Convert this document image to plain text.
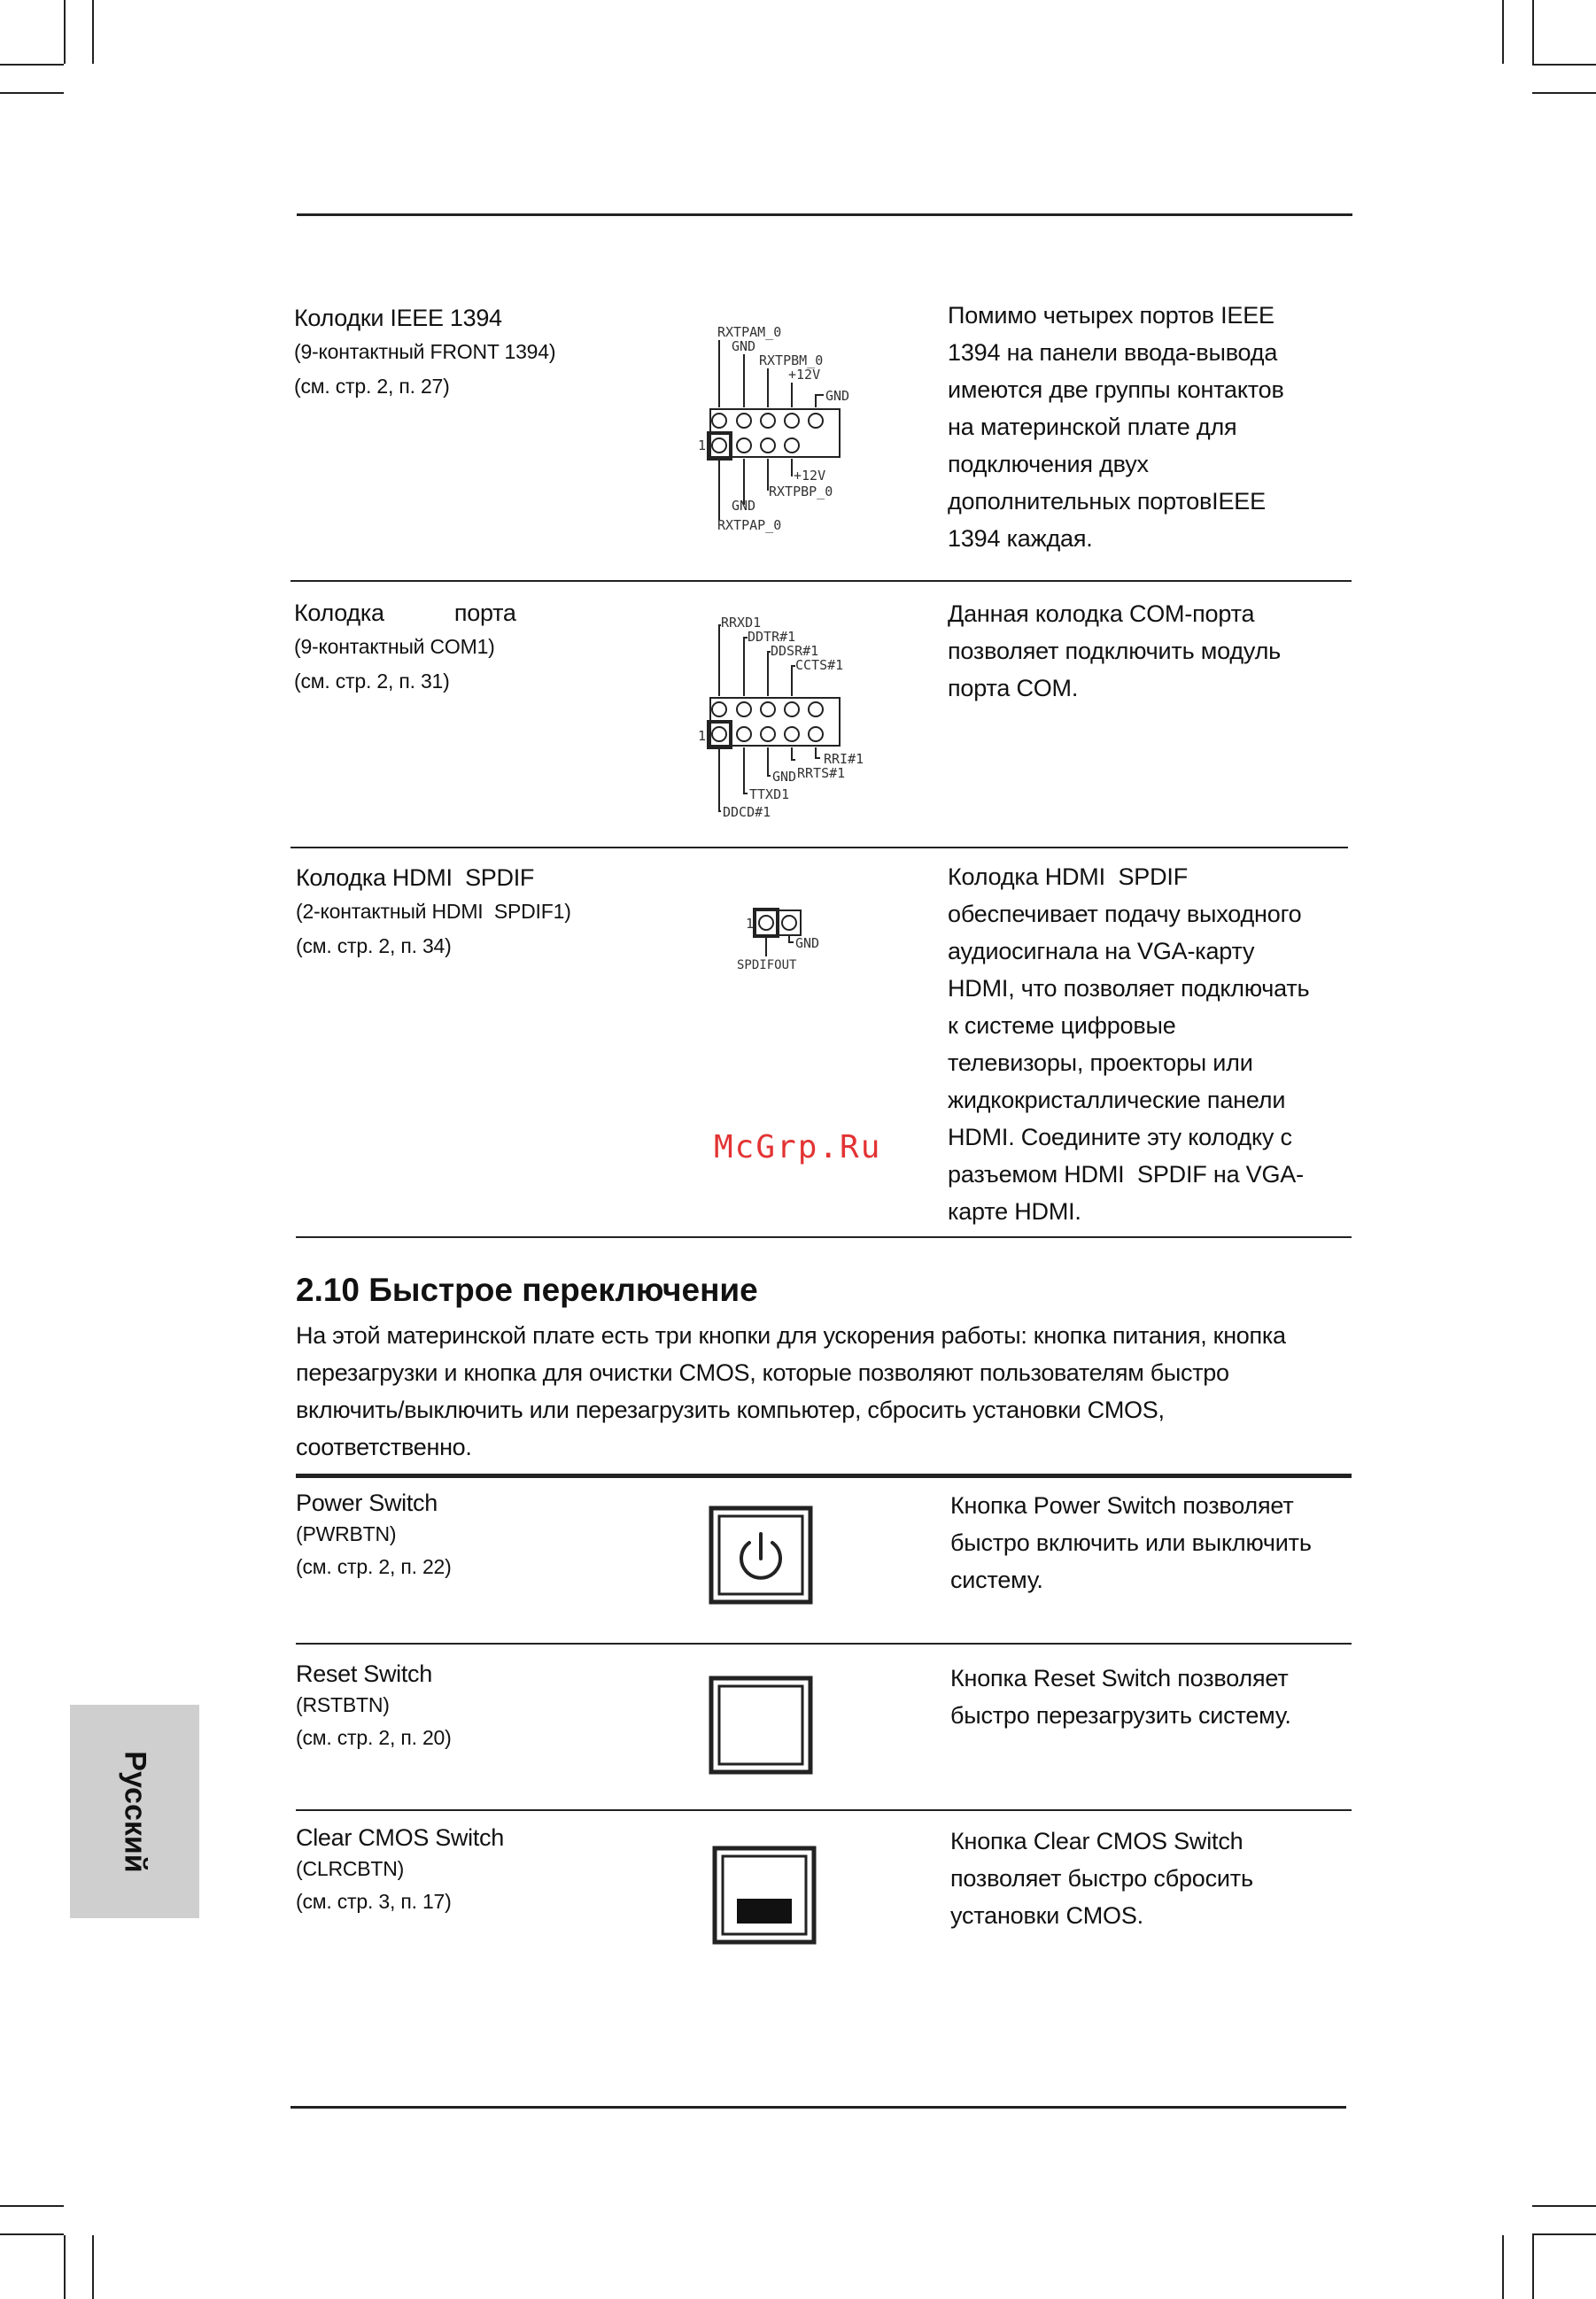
Колодки IEEE 1394
(9-контактный FRONT 1394)
(см. стр. 2, п. 27)
RXTPAM_0
GND
RXTPBM_0
+12V
GND
1
+12V
RXTPBP_0
GND
RXTPAP_0
Помимо четырех портов IEEE
1394 на панели ввода-вывода
имеются две группы контактов
на материнской плате для
подключения двух
дополнительных портовIEEE
1394 каждая.
Колодка           порта
(9-контактный COM1)
(см. стр. 2, п. 31)
RRXD1
DDTR#1
DDSR#1
CCTS#1
1
RRI#1
RRTS#1
GND
TTXD1
DDCD#1
Данная колодка COM-порта
позволяет подключить модуль
порта COM.
Колодка HDMI  SPDIF
(2-контактный HDMI  SPDIF1)
(см. стр. 2, п. 34)
1
GND
SPDIFOUT
Колодка HDMI  SPDIF
обеспечивает подачу выходного
аудиосигнала на VGA-карту
HDMI, что позволяет подключать
к системе цифровые
телевизоры, проекторы или
жидкокристаллические панели
HDMI. Соедините эту колодку с
разъемом HDMI  SPDIF на VGA-
карте HDMI.
McGrp.Ru
2.10 Быстрое переключение
На этой материнской плате есть три кнопки для ускорения работы: кнопка питания, кнопка
перезагрузки и кнопка для очистки CMOS, которые позволяют пользователям быстро
включить/выключить или перезагрузить компьютер, сбросить установки CMOS,
соответственно.
Power Switch
(PWRBTN)
(см. стр. 2, п. 22)
Кнопка Power Switch позволяет
быстро включить или выключить
систему.
Reset Switch
(RSTBTN)
(см. стр. 2, п. 20)
Кнопка Reset Switch позволяет
быстро перезагрузить систему.
Clear CMOS Switch
(CLRCBTN)
(см. стр. 3, п. 17)
Кнопка Clear CMOS Switch
позволяет быстро сбросить
установки CMOS.
Русский
